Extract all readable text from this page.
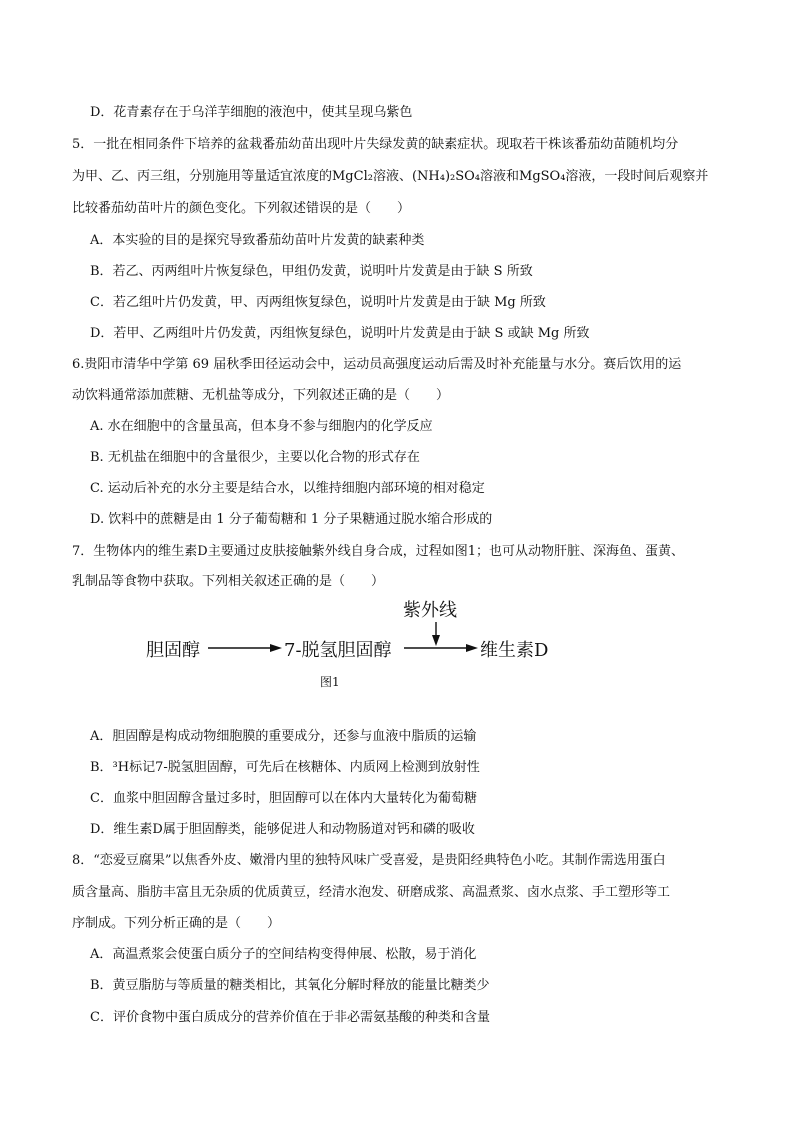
D．花青素存在于乌洋芋细胞的液泡中，使其呈现乌紫色
5．一批在相同条件下培养的盆栽番茄幼苗出现叶片失绿发黄的缺素症状。现取若干株该番茄幼苗随机均分
为甲、乙、丙三组，分别施用等量适宜浓度的MgCl₂溶液、(NH₄)₂SO₄溶液和MgSO₄溶液，一段时间后观察并
比较番茄幼苗叶片的颜色变化。下列叙述错误的是（　　）
A．本实验的目的是探究导致番茄幼苗叶片发黄的缺素种类
B．若乙、丙两组叶片恢复绿色，甲组仍发黄，说明叶片发黄是由于缺 S 所致
C．若乙组叶片仍发黄，甲、丙两组恢复绿色，说明叶片发黄是由于缺 Mg 所致
D．若甲、乙两组叶片仍发黄，丙组恢复绿色，说明叶片发黄是由于缺 S 或缺 Mg 所致
6.贵阳市清华中学第 69 届秋季田径运动会中，运动员高强度运动后需及时补充能量与水分。赛后饮用的运
动饮料通常添加蔗糖、无机盐等成分，下列叙述正确的是（　　）
A. 水在细胞中的含量虽高，但本身不参与细胞内的化学反应
B. 无机盐在细胞中的含量很少，主要以化合物的形式存在
C. 运动后补充的水分主要是结合水，以维持细胞内部环境的相对稳定
D. 饮料中的蔗糖是由 1 分子葡萄糖和 1 分子果糖通过脱水缩合形成的
7．生物体内的维生素D主要通过皮肤接触紫外线自身合成，过程如图1；也可从动物肝脏、深海鱼、蛋黄、
乳制品等食物中获取。下列相关叙述正确的是（　　）
紫外线
胆固醇	7-脱氢胆固醇	维生素D
图1
A．胆固醇是构成动物细胞膜的重要成分，还参与血液中脂质的运输
B．³H标记7-脱氢胆固醇，可先后在核糖体、内质网上检测到放射性
C．血浆中胆固醇含量过多时，胆固醇可以在体内大量转化为葡萄糖
D．维生素D属于胆固醇类，能够促进人和动物肠道对钙和磷的吸收
8．“恋爱豆腐果”以焦香外皮、嫩滑内里的独特风味广受喜爱，是贵阳经典特色小吃。其制作需选用蛋白
质含量高、脂肪丰富且无杂质的优质黄豆，经清水泡发、研磨成浆、高温煮浆、卤水点浆、手工塑形等工
序制成。下列分析正确的是（　　）
A．高温煮浆会使蛋白质分子的空间结构变得伸展、松散，易于消化
B．黄豆脂肪与等质量的糖类相比，其氧化分解时释放的能量比糖类少
C．评价食物中蛋白质成分的营养价值在于非必需氨基酸的种类和含量
